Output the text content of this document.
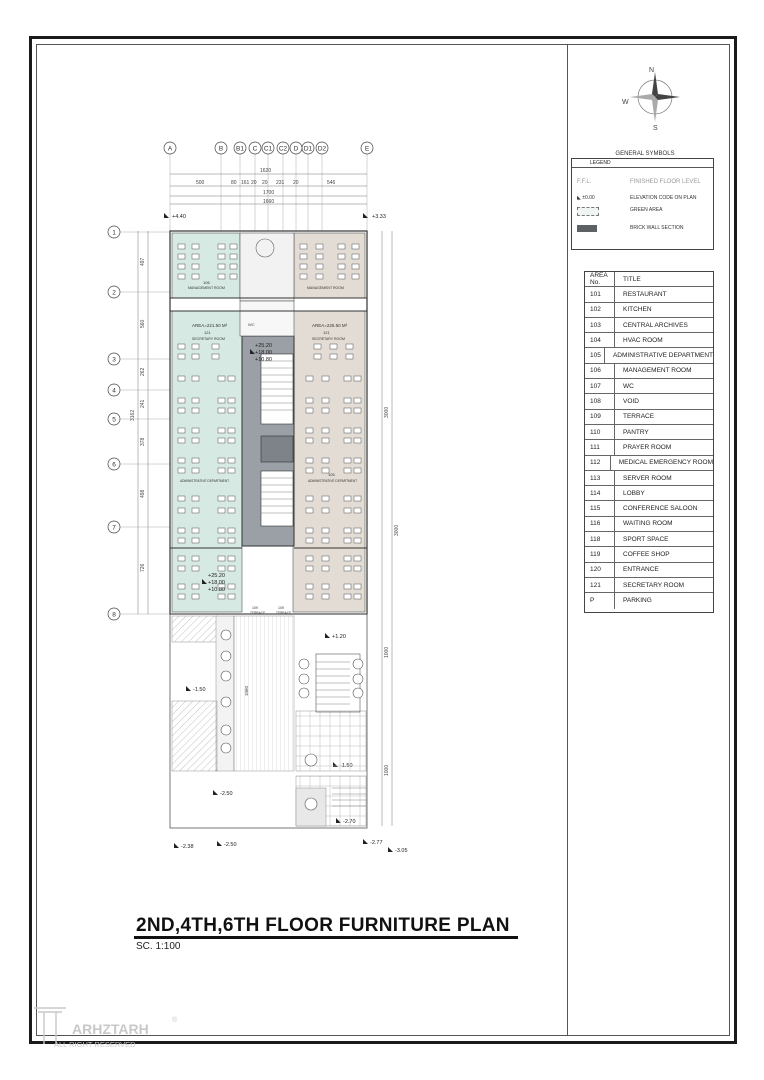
N
W
S
GENERAL SYMBOLS
LEGEND
F.F.L.	FINISHED FLOOR LEVEL
◣ ±0.00	ELEVATION CODE ON PLAN
GREEN AREA
BRICK WALL SECTION
AREA No.	TITLE
101	RESTAURANT
102	KITCHEN
103	CENTRAL ARCHIVES
104	HVAC ROOM
105	ADMINISTRATIVE DEPARTMENT
106	MANAGEMENT ROOM
107	WC
108	VOID
109	TERRACE
110	PANTRY
111	PRAYER ROOM
112	MEDICAL EMERGENCY ROOM
113	SERVER ROOM
114	LOBBY
115	CONFERENCE SALOON
116	WAITING ROOM
118	SPORT SPACE
119	COFFEE SHOP
120	ENTRANCE
121	SECRETARY ROOM
P	PARKING
A	B B1 C C1 C2 D D1 D2	E
1
2
3
4
5
6
7
8
1620
500	80 161 20 20 231 20	546
1700
1660
497
560
262
241
3162
378
498
726
3000
3000
1000
1000
WC
MANAGEMENT ROOM
106
MANAGEMENT ROOM
AREA=221.50 M²
121
SECRETARY ROOM
AREA=225.50 M²
121
SECRETARY ROOM
ADMINISTRATIVE DEPARTMENT	ADMINISTRATIVE DEPARTMENT
105
TERRACE
109
TERRACE
109
+4.40	+3.33
+25.20
+18.00
+10.80
+25.20
+18.00
+10.80
+1.20
-1.50
-2.50
-2.38	-2.50	-2.77
-3.05
1060
2ND,4TH,6TH FLOOR FURNITURE PLAN
SC. 1:100
ARHZTARH
®
ALL RIGHT RESERVED
